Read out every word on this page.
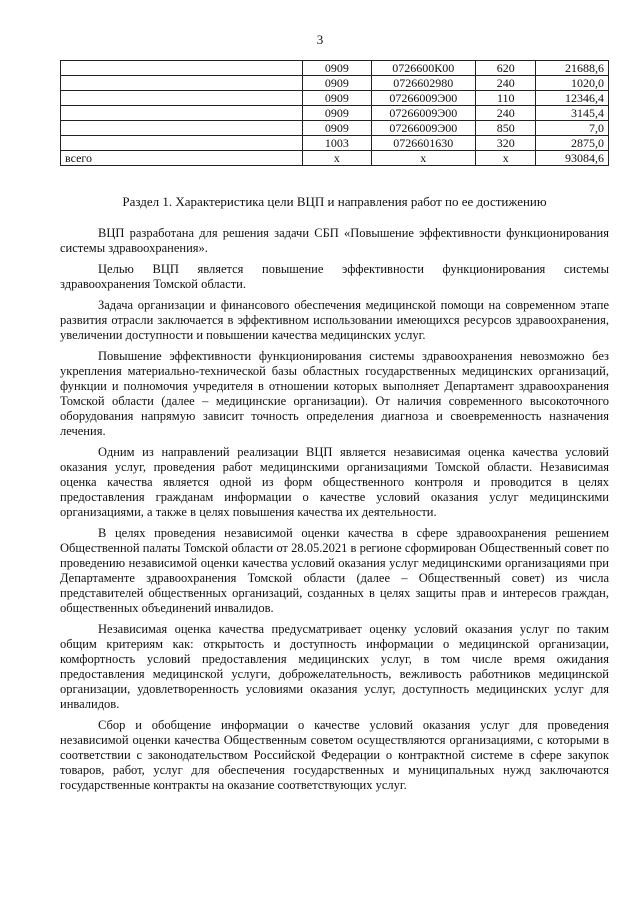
3
	0909	0726600К00	620	21688,6
	0909	0726602980	240	1020,0
	0909	07266009Э00	110	12346,4
	0909	07266009Э00	240	3145,4
	0909	07266009Э00	850	7,0
	1003	0726601630	320	2875,0
всего	х	х	х	93084,6
Раздел 1. Характеристика цели ВЦП и направления работ по ее достижению

ВЦП разработана для решения задачи СБП «Повышение эффективности функционирования системы здравоохранения».

Целью ВЦП является повышение эффективности функционирования системы здравоохранения Томской области.

Задача организации и финансового обеспечения медицинской помощи на современном этапе развития отрасли заключается в эффективном использовании имеющихся ресурсов здравоохранения, увеличении доступности и повышении качества медицинских услуг.

Повышение эффективности функционирования системы здравоохранения невозможно без укрепления материально-технической базы областных государственных медицинских организаций, функции и полномочия учредителя в отношении которых выполняет Департамент здравоохранения Томской области (далее – медицинские организации). От наличия современного высокоточного оборудования напрямую зависит точность определения диагноза и своевременность назначения лечения.

Одним из направлений реализации ВЦП является независимая оценка качества условий оказания услуг, проведения работ медицинскими организациями Томской области. Независимая оценка качества является одной из форм общественного контроля и проводится в целях предоставления гражданам информации о качестве условий оказания услуг медицинскими организациями, а также в целях повышения качества их деятельности.

В целях проведения независимой оценки качества в сфере здравоохранения решением Общественной палаты Томской области от 28.05.2021 в регионе сформирован Общественный совет по проведению независимой оценки качества условий оказания услуг медицинскими организациями при Департаменте здравоохранения Томской области (далее – Общественный совет) из числа представителей общественных организаций, созданных в целях защиты прав и интересов граждан, общественных объединений инвалидов.

Независимая оценка качества предусматривает оценку условий оказания услуг по таким общим критериям как: открытость и доступность информации о медицинской организации, комфортность условий предоставления медицинских услуг, в том числе время ожидания предоставления медицинской услуги, доброжелательность, вежливость работников медицинской организации, удовлетворенность условиями оказания услуг, доступность медицинских услуг для инвалидов.

Сбор и обобщение информации о качестве условий оказания услуг для проведения независимой оценки качества Общественным советом осуществляются организациями, с которыми в соответствии с законодательством Российской Федерации о контрактной системе в сфере закупок товаров, работ, услуг для обеспечения государственных и муниципальных нужд заключаются государственные контракты на оказание соответствующих услуг.
